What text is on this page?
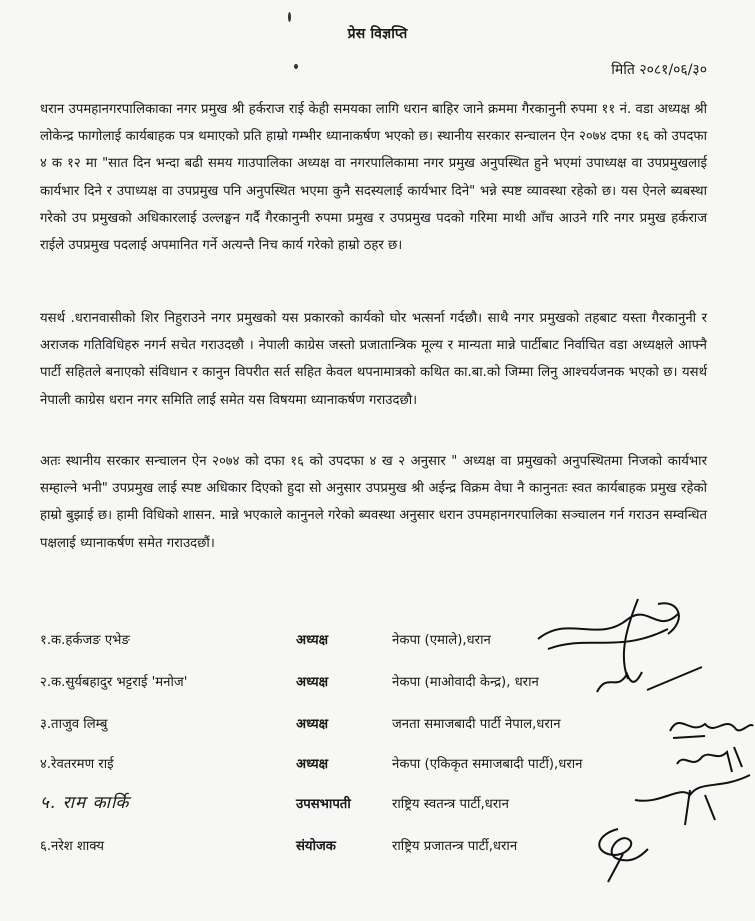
प्रेस विज्ञप्ति
मिति २०८१/०६/३०

धरान उपमहानगरपालिकाका नगर प्रमुख श्री हर्कराज राई केही समयका लागि धरान बाहिर जाने क्रममा गैरकानुनी रुपमा ११ नं. वडा अध्यक्ष श्री लोकेन्द्र फागोलाई कार्यबाहक पत्र थमाएको प्रति हाम्रो गम्भीर ध्यानाकर्षण भएको छ। स्थानीय सरकार सन्चालन ऐन २०७४ दफा १६ को उपदफा ४ क १२ मा "सात दिन भन्दा बढी समय गाउपालिका अध्यक्ष वा नगरपालिकामा नगर प्रमुख अनुपस्थित हुने भएमां उपाध्यक्ष वा उपप्रमुखलाई कार्यभार दिने र उपाध्यक्ष वा उपप्रमुख पनि अनुपस्थित भएमा कुनै सदस्यलाई कार्यभार दिने" भन्ने स्पष्ट व्यावस्था रहेको छ। यस ऐनले ब्यबस्था गरेको उप प्रमुखको अधिकारलाई उल्लङ्घन गर्दै गैरकानुनी रुपमा प्रमुख र उपप्रमुख पदको गरिमा माथी आँच आउने गरि नगर प्रमुख हर्कराज राईले उपप्रमुख पदलाई अपमानित गर्ने अत्यन्तै निच कार्य गरेको हाम्रो ठहर छ।

यसर्थ .धरानवासीको शिर निहुराउने नगर प्रमुखको यस प्रकारको कार्यको घोर भत्सर्ना गर्दछौ। साथै नगर प्रमुखको तहबाट यस्ता गैरकानुनी र अराजक गतिविधिहरु नगर्न सचेत गराउदछौ । नेपाली काग्रेस जस्तो प्रजातान्त्रिक मूल्य र मान्यता मान्ने पार्टीबाट निर्वाचित वडा अध्यक्षले आफ्नै पार्टी सहितले बनाएको संविधान र कानुन विपरीत सर्त सहित केवल थपनामात्रको कथित का.बा.को जिम्मा लिनु आश्चर्यजनक भएको छ। यसर्थ नेपाली काग्रेस धरान नगर समिति लाई समेत यस विषयमा ध्यानाकर्षण गराउदछौ।

अतः स्थानीय सरकार सन्चालन ऐन २०७४ को दफा १६ को उपदफा ४ ख २ अनुसार " अध्यक्ष वा प्रमुखको अनुपस्थितमा निजको कार्यभार सम्हाल्ने भनी" उपप्रमुख लाई स्पष्ट अधिकार दिएको हुदा सो अनुसार उपप्रमुख श्री अईन्द्र विक्रम वेघा नै कानुनतः स्वत कार्यबाहक प्रमुख रहेको हाम्रो बुझाई छ। हामी विधिको शासन. मान्ने भएकाले कानुनले गरेको ब्यवस्था अनुसार धरान उपमहानगरपालिका सञ्चालन गर्न गराउन सम्वन्धित पक्षलाई ध्यानाकर्षण समेत गराउदछौं।

१.क.हर्कजङ एभेङ	अध्यक्ष	नेकपा (एमाले),धरान
२.क.सुर्यबहादुर भट्टराई 'मनोज'	अध्यक्ष	नेकपा (माओवादी केन्द्र), धरान
३.ताजुव लिम्बु	अध्यक्ष	जनता समाजबादी पार्टी नेपाल,धरान
४.रेवतरमण राई	अध्यक्ष	नेकपा (एकिकृत समाजबादी पार्टी),धरान
५. राम कार्कि	उपसभापती	राष्ट्रिय स्वतन्त्र पार्टी,धरान
६.नरेश शाक्य	संयोजक	राष्ट्रिय प्रजातन्त्र पार्टी,धरान
